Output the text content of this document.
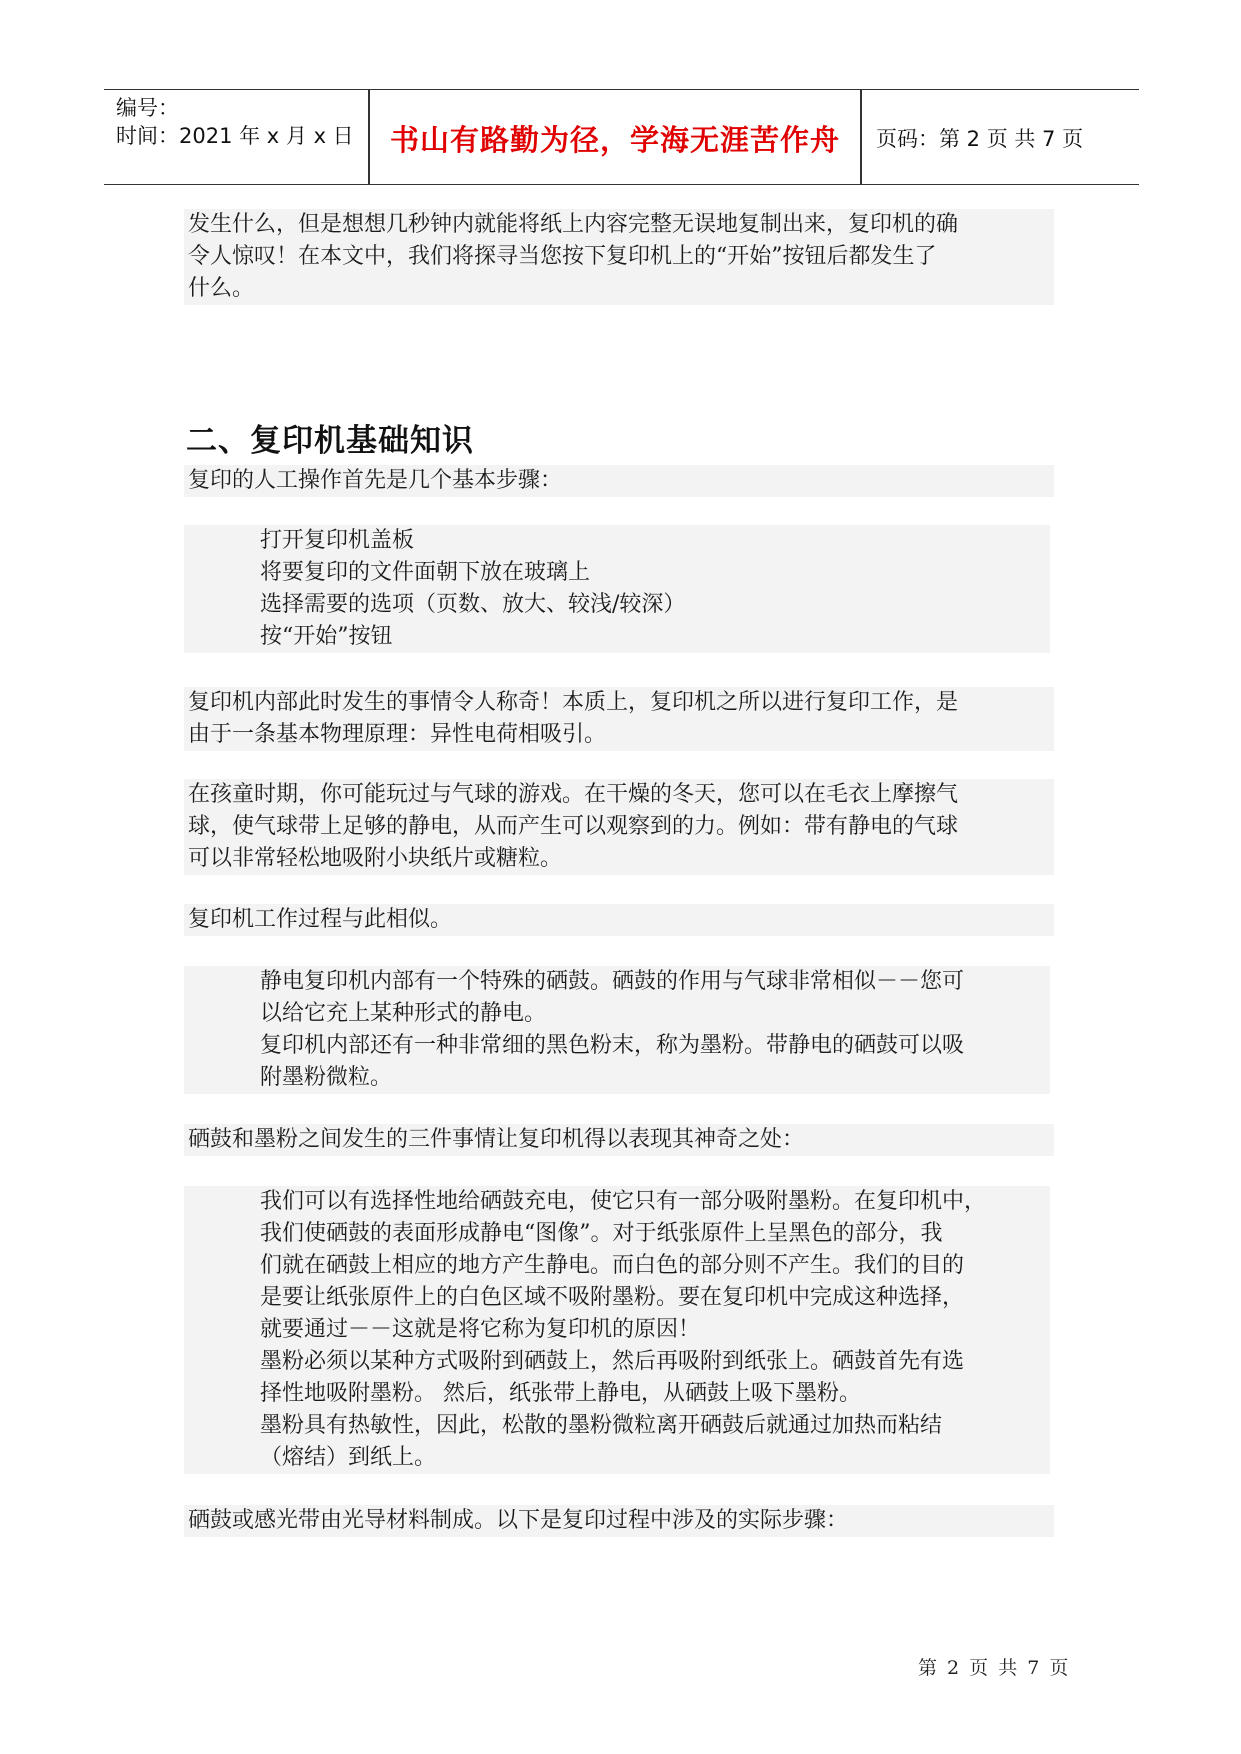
编号：
时间：2021 年 x 月 x 日	书山有路勤为径，学海无涯苦作舟	页码：第 2 页 共 7 页

发生什么，但是想想几秒钟内就能将纸上内容完整无误地复制出来，复印机的确

令人惊叹！在本文中，我们将探寻当您按下复印机上的“开始”按钮后都发生了

什么。

二、复印机基础知识

复印的人工操作首先是几个基本步骤：

打开复印机盖板

将要复印的文件面朝下放在玻璃上

选择需要的选项（页数、放大、较浅/较深）

按“开始”按钮

复印机内部此时发生的事情令人称奇！本质上，复印机之所以进行复印工作，是

由于一条基本物理原理：异性电荷相吸引。

在孩童时期，你可能玩过与气球的游戏。在干燥的冬天，您可以在毛衣上摩擦气

球，使气球带上足够的静电，从而产生可以观察到的力。例如：带有静电的气球

可以非常轻松地吸附小块纸片或糖粒。

复印机工作过程与此相似。

静电复印机内部有一个特殊的硒鼓。硒鼓的作用与气球非常相似－－您可

以给它充上某种形式的静电。

复印机内部还有一种非常细的黑色粉末，称为墨粉。带静电的硒鼓可以吸

附墨粉微粒。

硒鼓和墨粉之间发生的三件事情让复印机得以表现其神奇之处：

我们可以有选择性地给硒鼓充电，使它只有一部分吸附墨粉。在复印机中，

我们使硒鼓的表面形成静电“图像”。对于纸张原件上呈黑色的部分，我

们就在硒鼓上相应的地方产生静电。而白色的部分则不产生。我们的目的

是要让纸张原件上的白色区域不吸附墨粉。要在复印机中完成这种选择，

就要通过－－这就是将它称为复印机的原因！

墨粉必须以某种方式吸附到硒鼓上，然后再吸附到纸张上。硒鼓首先有选

择性地吸附墨粉。 然后，纸张带上静电，从硒鼓上吸下墨粉。

墨粉具有热敏性，因此，松散的墨粉微粒离开硒鼓后就通过加热而粘结

（熔结）到纸上。

硒鼓或感光带由光导材料制成。以下是复印过程中涉及的实际步骤：

第 2 页 共 7 页
